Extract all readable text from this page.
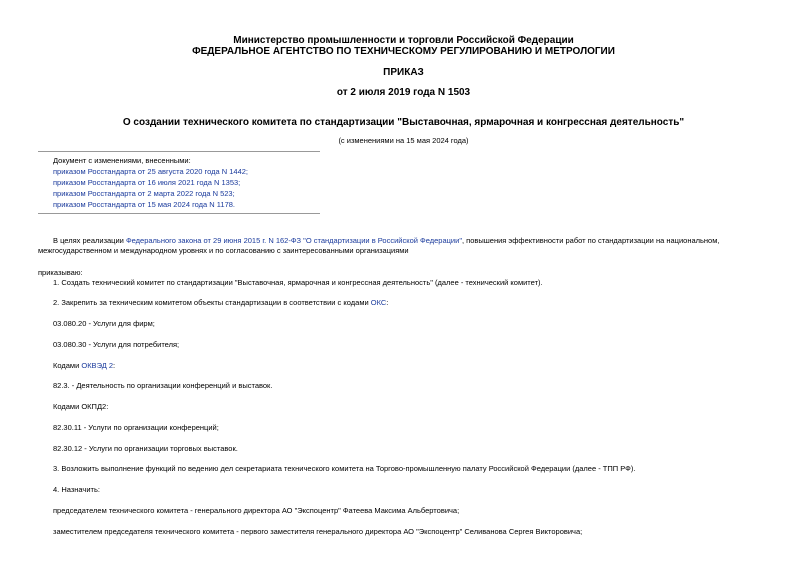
Министерство промышленности и торговли Российской Федерации
ФЕДЕРАЛЬНОЕ АГЕНТСТВО ПО ТЕХНИЧЕСКОМУ РЕГУЛИРОВАНИЮ И МЕТРОЛОГИИ
ПРИКАЗ
от 2 июля 2019 года N 1503
О создании технического комитета по стандартизации "Выставочная, ярмарочная и конгрессная деятельность"
(с изменениями на 15 мая 2024 года)
Документ с изменениями, внесенными:
приказом Росстандарта от 25 августа 2020 года N 1442;
приказом Росстандарта от 16 июля 2021 года N 1353;
приказом Росстандарта от 2 марта 2022 года N 523;
приказом Росстандарта от 15 мая 2024 года N 1178.
В целях реализации Федерального закона от 29 июня 2015 г. N 162-ФЗ "О стандартизации в Российской Федерации", повышения эффективности работ по стандартизации на национальном, межгосударственном и международном уровнях и по согласованию с заинтересованными организациями
приказываю:
1. Создать технический комитет по стандартизации "Выставочная, ярмарочная и конгрессная деятельность" (далее - технический комитет).
2. Закрепить за техническим комитетом объекты стандартизации в соответствии с кодами ОКС:
03.080.20 - Услуги для фирм;
03.080.30 - Услуги для потребителя;
Кодами ОКВЭД 2:
82.3. - Деятельность по организации конференций и выставок.
Кодами ОКПД2:
82.30.11 - Услуги по организации конференций;
82.30.12 - Услуги по организации торговых выставок.
3. Возложить выполнение функций по ведению дел секретариата технического комитета на Торгово-промышленную палату Российской Федерации (далее - ТПП РФ).
4. Назначить:
председателем технического комитета - генерального директора АО "Экспоцентр" Фатеева Максима Альбертовича;
заместителем председателя технического комитета - первого заместителя генерального директора АО "Экспоцентр" Селиванова Сергея Викторовича;
